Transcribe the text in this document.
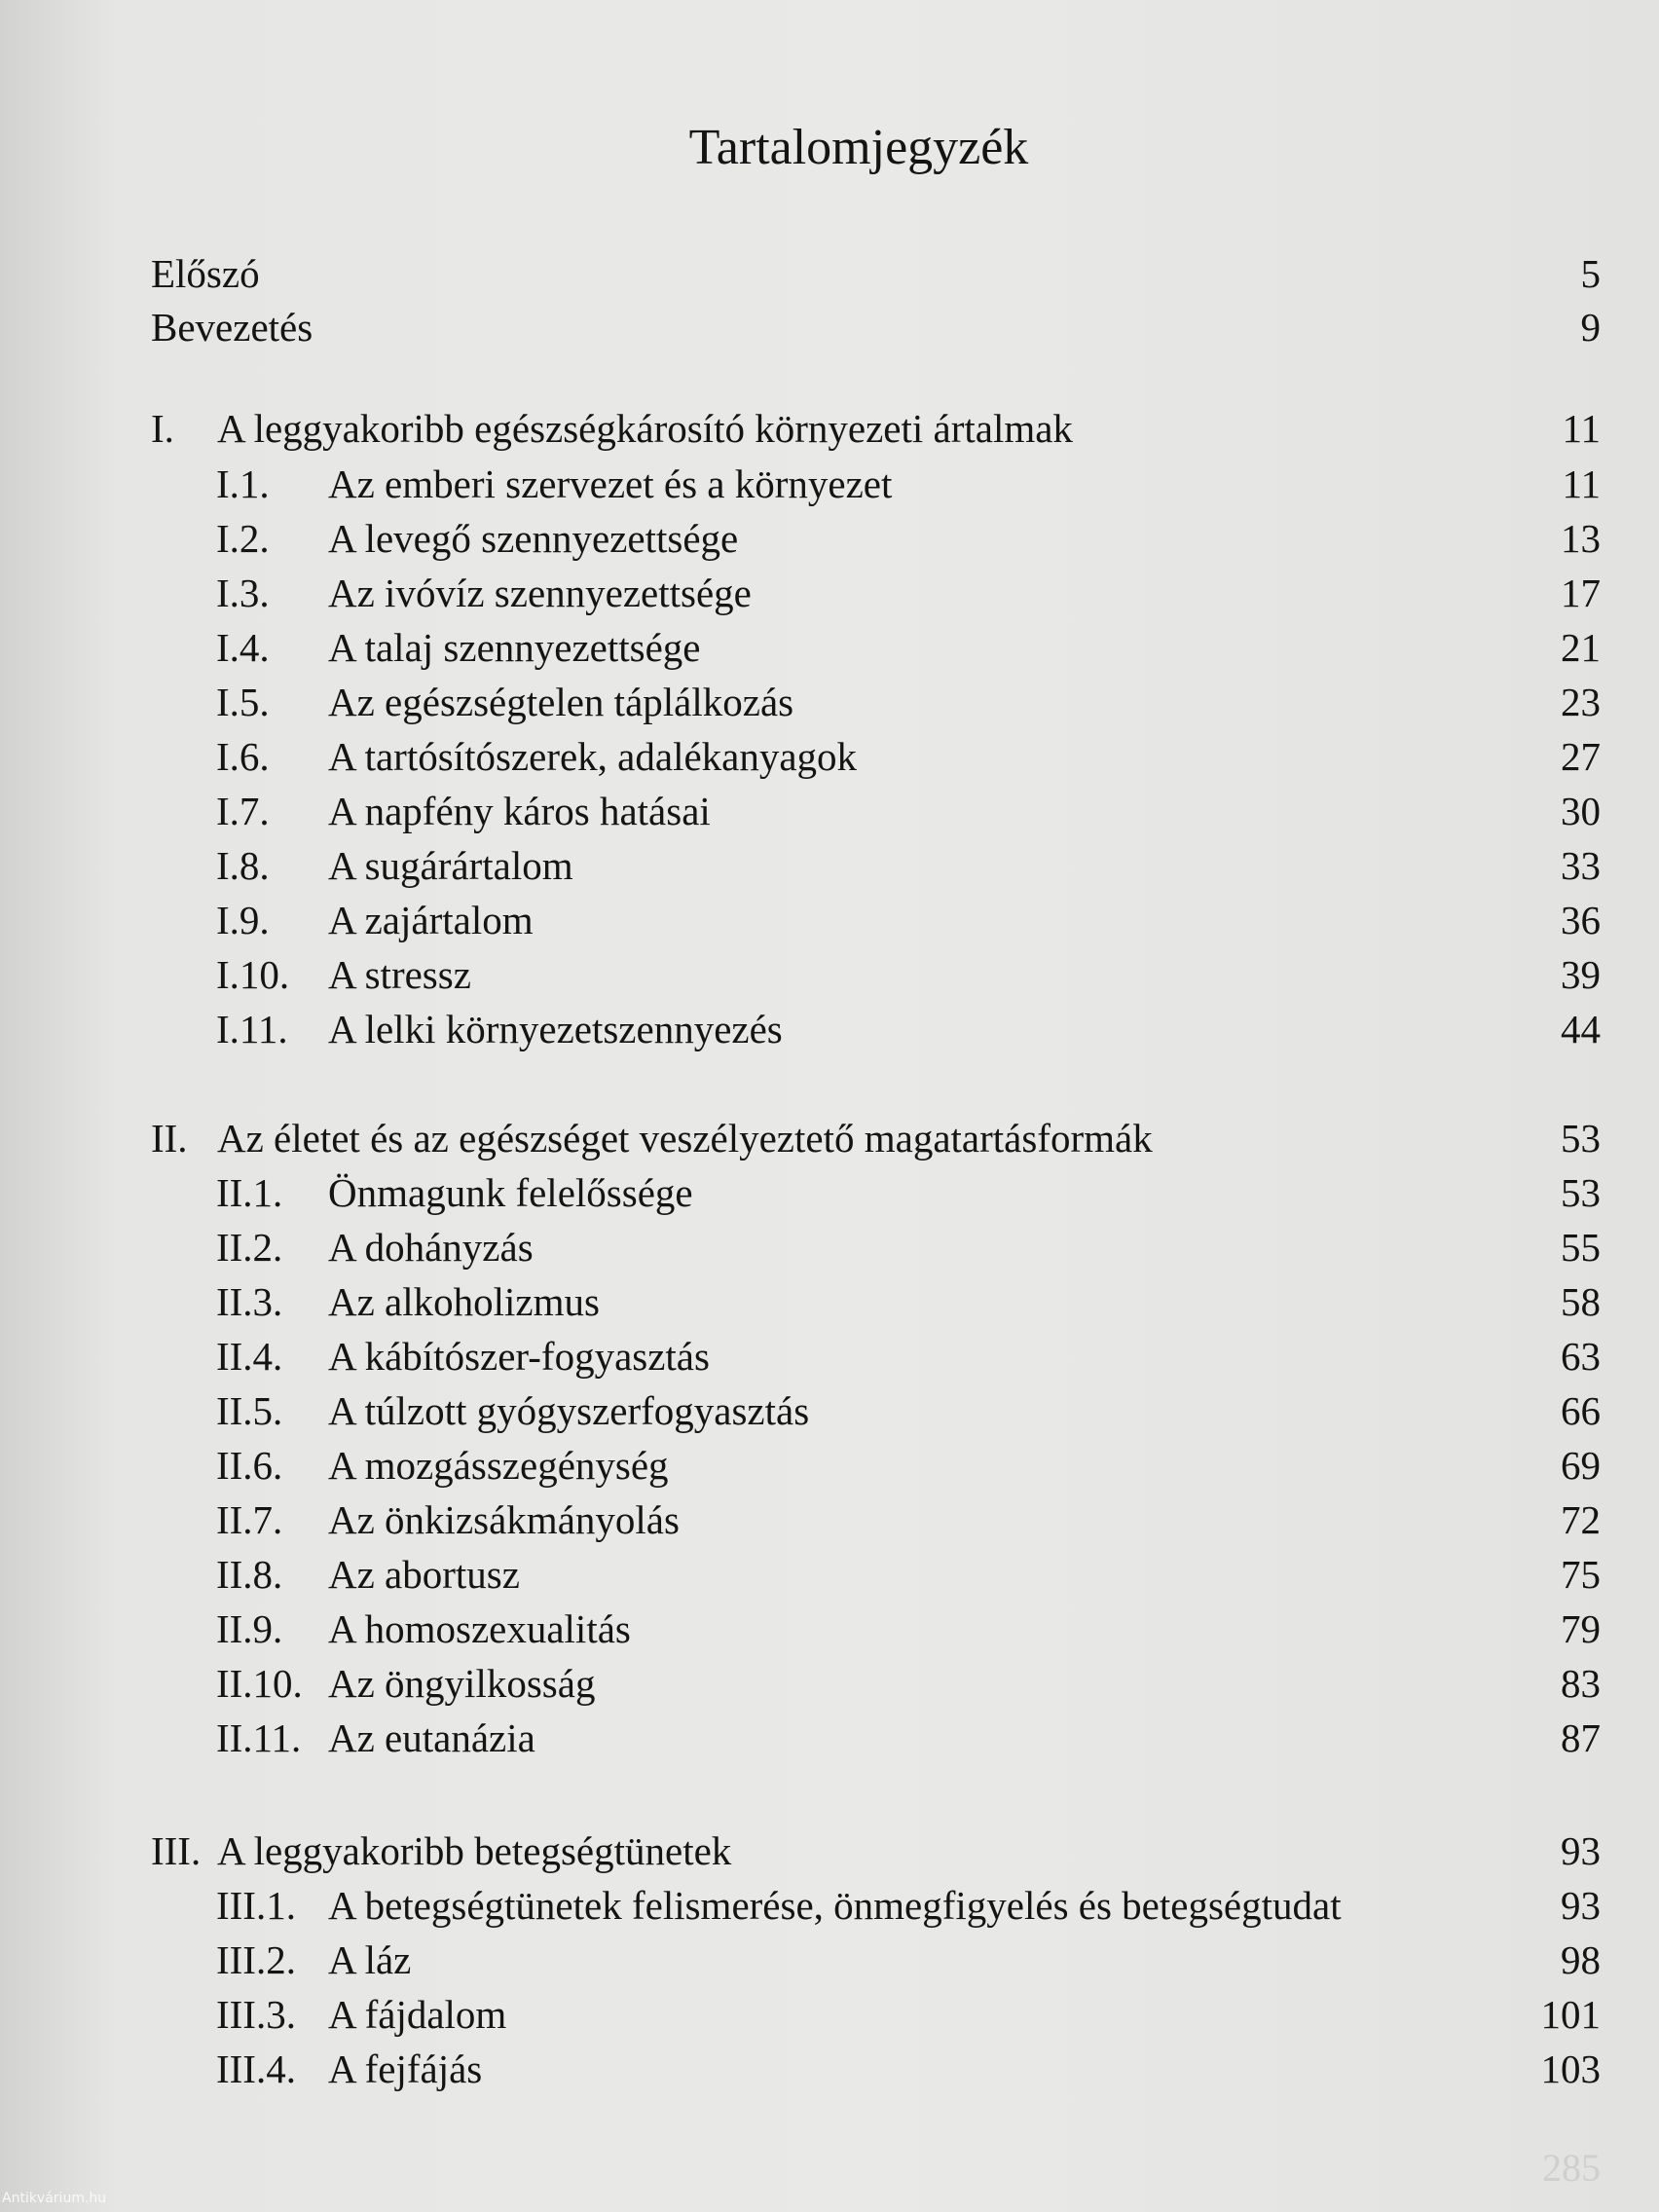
Tartalomjegyzék
Előszó	5
Bevezetés	9
I. A leggyakoribb egészségkárosító környezeti ártalmak	11
I.1. Az emberi szervezet és a környezet	11
I.2. A levegő szennyezettsége	13
I.3. Az ivóvíz szennyezettsége	17
I.4. A talaj szennyezettsége	21
I.5. Az egészségtelen táplálkozás	23
I.6. A tartósítószerek, adalékanyagok	27
I.7. A napfény káros hatásai	30
I.8. A sugárártalom	33
I.9. A zajártalom	36
I.10. A stressz	39
I.11. A lelki környezetszennyezés	44
II. Az életet és az egészséget veszélyeztető magatartásformák	53
II.1. Önmagunk felelőssége	53
II.2. A dohányzás	55
II.3. Az alkoholizmus	58
II.4. A kábítószer-fogyasztás	63
II.5. A túlzott gyógyszerfogyasztás	66
II.6. A mozgásszegénység	69
II.7. Az önkizsákmányolás	72
II.8. Az abortusz	75
II.9. A homoszexualitás	79
II.10. Az öngyilkosság	83
II.11. Az eutanázia	87
III. A leggyakoribb betegségtünetek	93
III.1. A betegségtünetek felismerése, önmegfigyelés és betegségtudat	93
III.2. A láz	98
III.3. A fájdalom	101
III.4. A fejfájás	103
285
Antikvárium.hu
